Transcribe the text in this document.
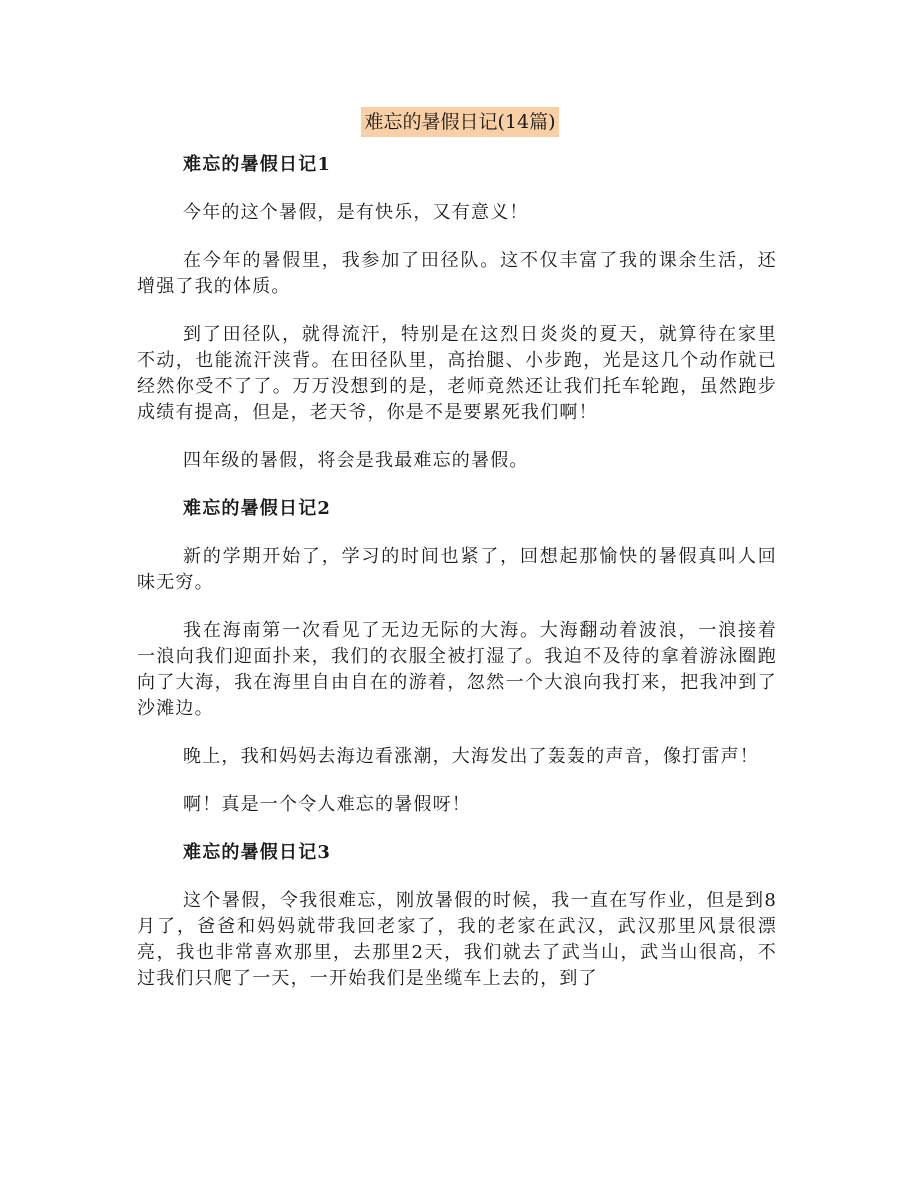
难忘的暑假日记(14篇)
难忘的暑假日记1
今年的这个暑假，是有快乐，又有意义！
在今年的暑假里，我参加了田径队。这不仅丰富了我的课余生活，还增强了我的体质。
到了田径队，就得流汗，特别是在这烈日炎炎的夏天，就算待在家里不动，也能流汗浃背。在田径队里，高抬腿、小步跑，光是这几个动作就已经然你受不了了。万万没想到的是，老师竟然还让我们托车轮跑，虽然跑步成绩有提高，但是，老天爷，你是不是要累死我们啊！
四年级的暑假，将会是我最难忘的暑假。
难忘的暑假日记2
新的学期开始了，学习的时间也紧了，回想起那愉快的暑假真叫人回味无穷。
我在海南第一次看见了无边无际的大海。大海翻动着波浪，一浪接着一浪向我们迎面扑来，我们的衣服全被打湿了。我迫不及待的拿着游泳圈跑向了大海，我在海里自由自在的游着，忽然一个大浪向我打来，把我冲到了沙滩边。
晚上，我和妈妈去海边看涨潮，大海发出了轰轰的声音，像打雷声！
啊！真是一个令人难忘的暑假呀！
难忘的暑假日记3
这个暑假，令我很难忘，刚放暑假的时候，我一直在写作业，但是到8月了，爸爸和妈妈就带我回老家了，我的老家在武汉，武汉那里风景很漂亮，我也非常喜欢那里，去那里2天，我们就去了武当山，武当山很高，不过我们只爬了一天，一开始我们是坐缆车上去的，到了
